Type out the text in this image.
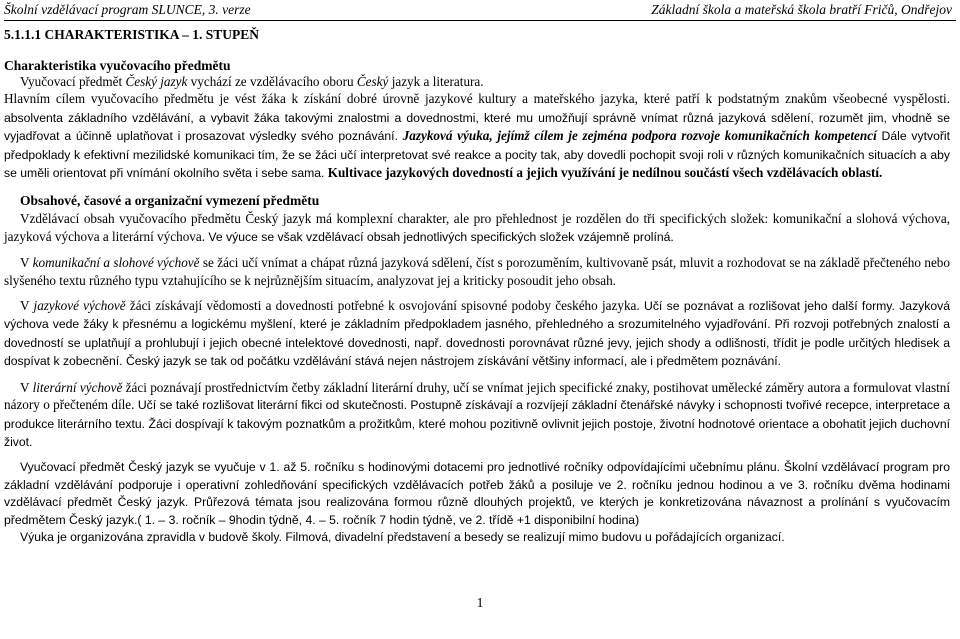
Školní vzdělávací program SLUNCE, 3. verze	Základní škola a mateřská škola bratří Fričů, Ondřejov
5.1.1.1 CHARAKTERISTIKA – 1. STUPEŇ
Charakteristika vyučovacího předmětu

Vyučovací předmět Český jazyk vychází ze vzdělávacího oboru Český jazyk a literatura.

Hlavním cílem vyučovacího předmětu je vést žáka k získání dobré úrovně jazykové kultury a mateřského jazyka, které patří k podstatným znakům všeobecné vyspělosti. absolventa základního vzdělávání, a vybavit žáka takovými znalostmi a dovednostmi, které mu umožňují správně vnímat různá jazyková sdělení, rozumět jim, vhodně se vyjadřovat a účinně uplatňovat i prosazovat výsledky svého poznávání. Jazyková výuka, jejímž cílem je zejména podpora rozvoje komunikačních kompetencí Dále vytvořit předpoklady k efektivní mezilidské komunikaci tím, že se žáci učí interpretovat své reakce a pocity tak, aby dovedli pochopit svoji roli v různých komunikačních situacích a aby se uměli orientovat při vnímání okolního světa i sebe sama. Kultivace jazykových dovedností a jejich využívání je nedílnou součástí všech vzdělávacích oblastí.

Obsahové, časové a organizační vymezení předmětu

Vzdělávací obsah vyučovacího předmětu Český jazyk má komplexní charakter, ale pro přehlednost je rozdělen do tři specifických složek: komunikační a slohová výchova, jazyková výchova a literární výchova. Ve výuce se však vzdělávací obsah jednotlivých specifických složek vzájemně prolíná.

V komunikační a slohové výchově se žáci učí vnímat a chápat různá jazyková sdělení, číst s porozuměním, kultivovaně psát, mluvit a rozhodovat se na základě přečteného nebo slyšeného textu různého typu vztahujícího se k nejrůznějším situacím, analyzovat jej a kriticky posoudit jeho obsah.

V jazykové výchově žáci získávají vědomosti a dovednosti potřebné k osvojování spisovné podoby českého jazyka. Učí se poznávat a rozlišovat jeho další formy. Jazyková výchova vede žáky k přesnému a logickému myšlení, které je základním předpokladem jasného, přehledného a srozumitelného vyjadřování. Při rozvoji potřebných znalostí a dovedností se uplatňují a prohlubují i jejich obecné intelektové dovednosti, např. dovednosti porovnávat různé jevy, jejich shody a odlišnosti, třídit je podle určitých hledisek a dospívat k zobecnění. Český jazyk se tak od počátku vzdělávání stává nejen nástrojem získávání většiny informací, ale i předmětem poznávání.

V literární výchově žáci poznávají prostřednictvím četby základní literární druhy, učí se vnímat jejich specifické znaky, postihovat umělecké záměry autora a formulovat vlastní názory o přečteném díle. Učí se také rozlišovat literární fikci od skutečnosti. Postupně získávají a rozvíjejí základní čtenářské návyky i schopnosti tvořivé recepce, interpretace a produkce literárního textu. Žáci dospívají k takovým poznatkům a prožitkům, které mohou pozitivně ovlivnit jejich postoje, životní hodnotové orientace a obohatit jejich duchovní život.

Vyučovací předmět Český jazyk se vyučuje v 1. až 5. ročníku s hodinovými dotacemi pro jednotlivé ročníky odpovídajícími učebnímu plánu. Školní vzdělávací program pro základní vzdělávání podporuje i operativní zohledňování specifických vzdělávacích potřeb žáků a posiluje ve 2. ročníku jednou hodinou a ve 3. ročníku dvěma hodinami vzdělávací předmět Český jazyk. Průřezová témata jsou realizována formou různě dlouhých projektů, ve kterých je konkretizována návaznost a prolínání s vyučovacím předmětem Český jazyk.( 1. – 3. ročník – 9hodin týdně, 4. – 5. ročník 7 hodin týdně, ve 2. třídě +1 disponibilní hodina)

Výuka je organizována zpravidla v budově školy. Filmová, divadelní představení a besedy se realizují mimo budovu u pořádajících organizací.

1
